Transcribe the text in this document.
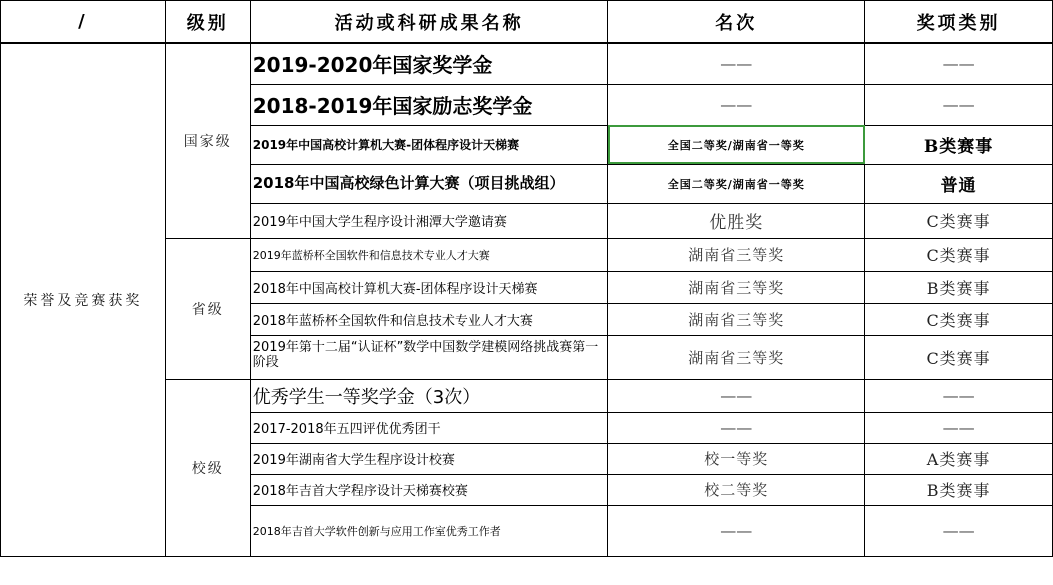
/	级别	活动或科研成果名称	名次	奖项类别
荣誉及竞赛获奖	国家级	2019-2020年国家奖学金	——	——
		2018-2019年国家励志奖学金	——	——
		2019年中国高校计算机大赛-团体程序设计天梯赛	全国二等奖/湖南省一等奖	B类赛事
		2018年中国高校绿色计算大赛（项目挑战组）	全国二等奖/湖南省一等奖	普通
		2019年中国大学生程序设计湘潭大学邀请赛	优胜奖	C类赛事
	省级	2019年蓝桥杯全国软件和信息技术专业人才大赛	湖南省三等奖	C类赛事
		2018年中国高校计算机大赛-团体程序设计天梯赛	湖南省三等奖	B类赛事
		2018年蓝桥杯全国软件和信息技术专业人才大赛	湖南省三等奖	C类赛事
		2019年第十二届“认证杯”数学中国数学建模网络挑战赛第一阶段	湖南省三等奖	C类赛事
	校级	优秀学生一等奖学金（3次）	——	——
		2017-2018年五四评优优秀团干	——	——
		2019年湖南省大学生程序设计校赛	校一等奖	A类赛事
		2018年吉首大学程序设计天梯赛校赛	校二等奖	B类赛事
		2018年吉首大学软件创新与应用工作室优秀工作者	——	——
